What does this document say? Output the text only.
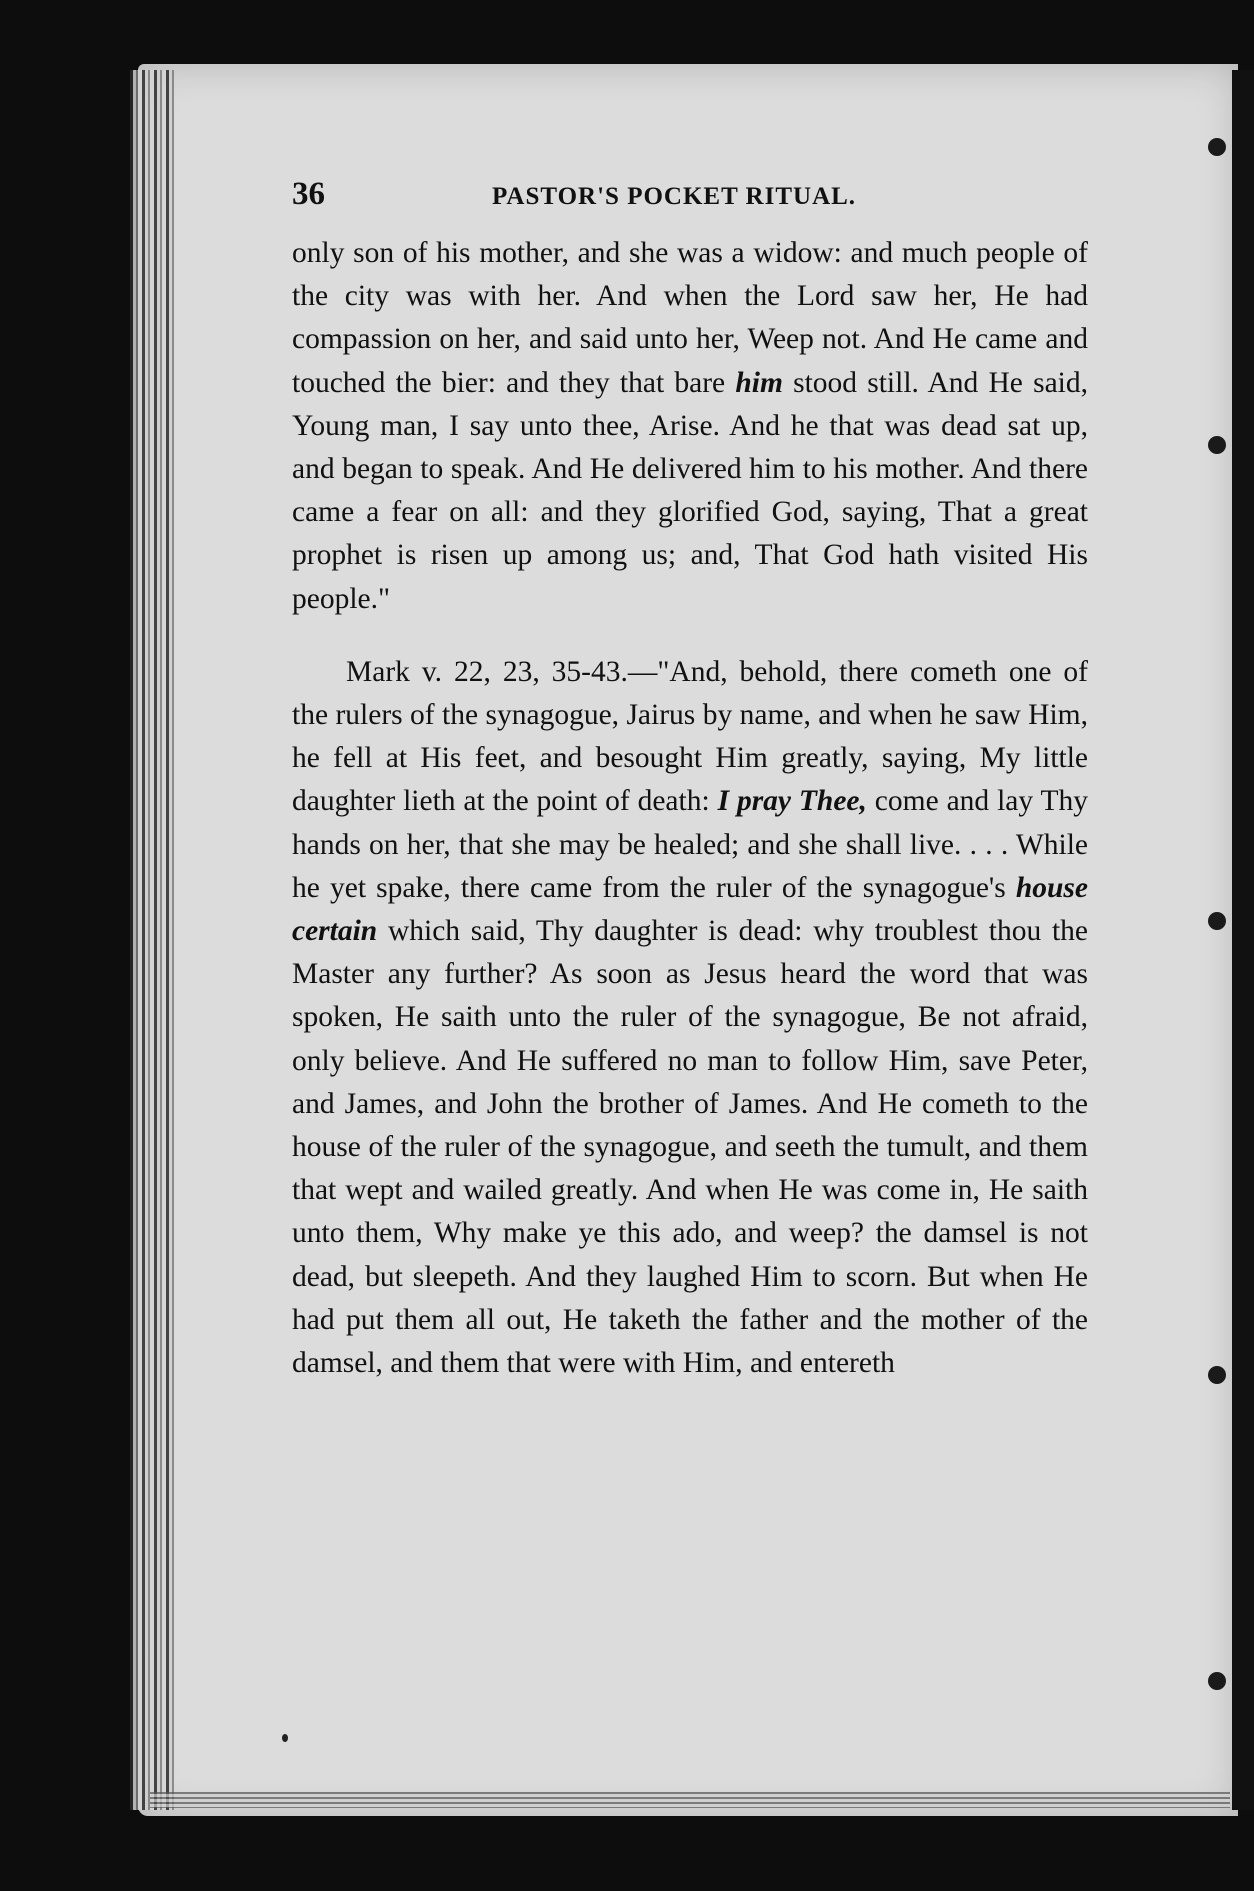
36	PASTOR'S POCKET RITUAL.

only son of his mother, and she was a widow: and much people of the city was with her. And when the Lord saw her, He had compassion on her, and said unto her, Weep not. And He came and touched the bier: and they that bare him stood still. And He said, Young man, I say unto thee, Arise. And he that was dead sat up, and began to speak. And He delivered him to his mother. And there came a fear on all: and they glorified God, saying, That a great prophet is risen up among us; and, That God hath visited His people."

Mark v. 22, 23, 35-43.—"And, behold, there cometh one of the rulers of the synagogue, Jairus by name, and when he saw Him, he fell at His feet, and besought Him greatly, saying, My little daughter lieth at the point of death: I pray Thee, come and lay Thy hands on her, that she may be healed; and she shall live. . . . While he yet spake, there came from the ruler of the synagogue's house certain which said, Thy daughter is dead: why troublest thou the Master any further? As soon as Jesus heard the word that was spoken, He saith unto the ruler of the synagogue, Be not afraid, only believe. And He suffered no man to follow Him, save Peter, and James, and John the brother of James. And He cometh to the house of the ruler of the synagogue, and seeth the tumult, and them that wept and wailed greatly. And when He was come in, He saith unto them, Why make ye this ado, and weep? the damsel is not dead, but sleepeth. And they laughed Him to scorn. But when He had put them all out, He taketh the father and the mother of the damsel, and them that were with Him, and entereth
